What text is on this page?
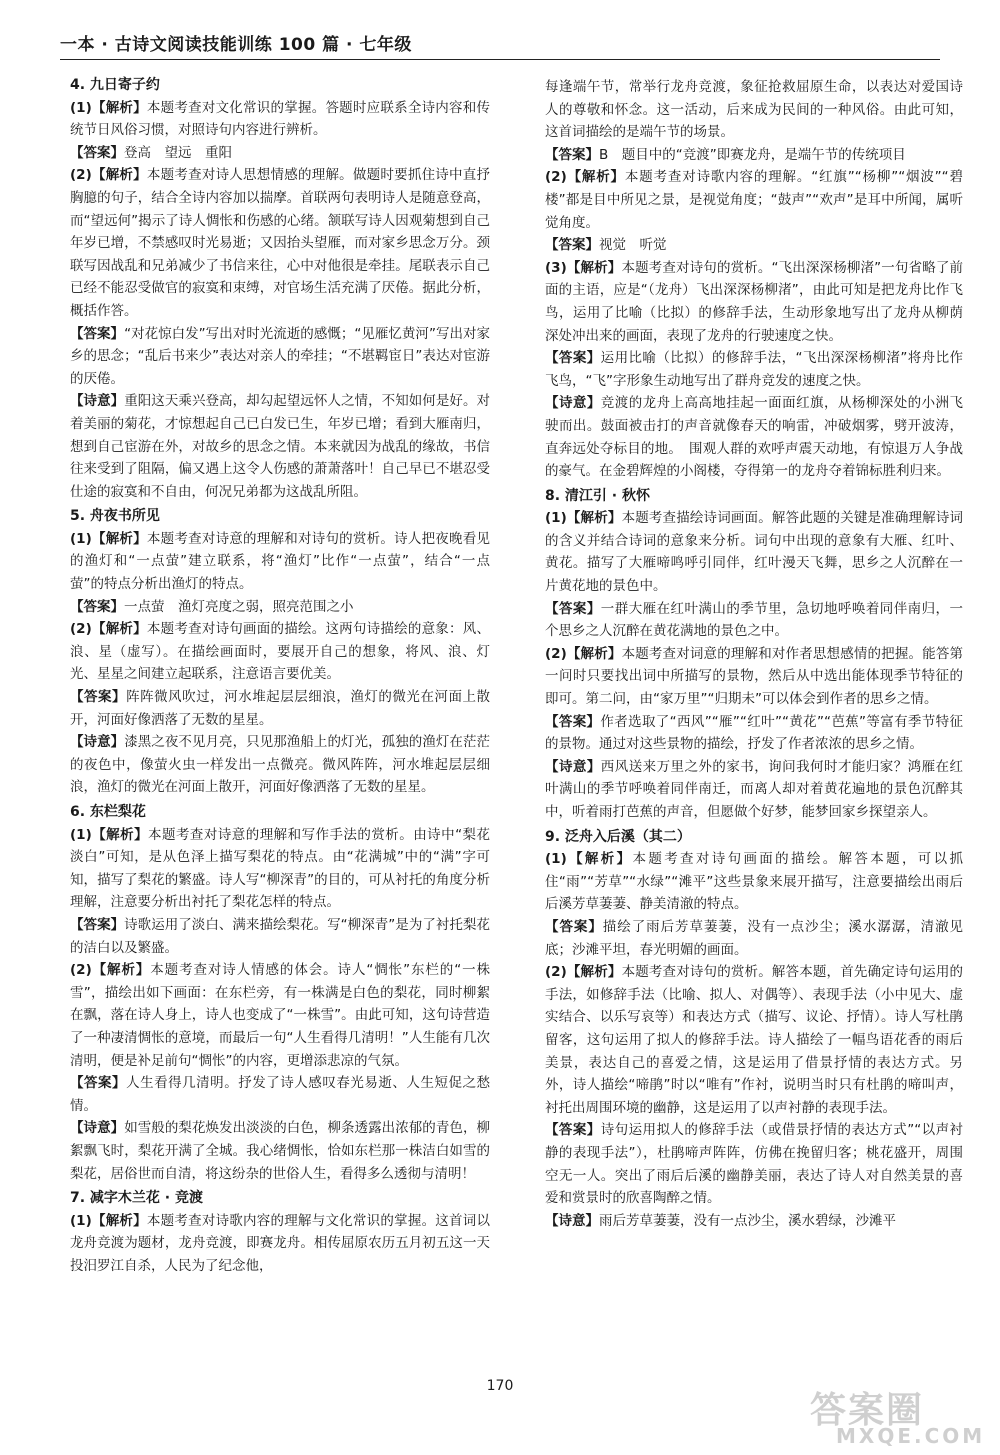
一本 · 古诗文阅读技能训练 100 篇 · 七年级
4. 九日寄子约

(1)【解析】本题考查对文化常识的掌握。答题时应联系全诗内容和传统节日风俗习惯，对照诗句内容进行辨析。

【答案】登高　望远　重阳

(2)【解析】本题考查对诗人思想情感的理解。做题时要抓住诗中直抒胸臆的句子，结合全诗内容加以揣摩。首联两句表明诗人是随意登高，而“望远何”揭示了诗人惆怅和伤感的心绪。颔联写诗人因观菊想到自己年岁已增，不禁感叹时光易逝；又因抬头望雁，而对家乡思念万分。颈联写因战乱和兄弟减少了书信来往，心中对他很是牵挂。尾联表示自己已经不能忍受做官的寂寞和束缚，对官场生活充满了厌倦。据此分析，概括作答。

【答案】“对花惊白发”写出对时光流逝的感慨；“见雁忆黄河”写出对家乡的思念；“乱后书来少”表达对亲人的牵挂；“不堪羁宦日”表达对宦游的厌倦。

【诗意】重阳这天乘兴登高，却勾起望远怀人之情，不知如何是好。对着美丽的菊花，才惊想起自己已白发已生，年岁已增；看到大雁南归，想到自己宦游在外，对故乡的思念之情。本来就因为战乱的缘故，书信往来受到了阻隔，偏又遇上这令人伤感的萧萧落叶！自己早已不堪忍受仕途的寂寞和不自由，何况兄弟都为这战乱所阻。

5. 舟夜书所见

(1)【解析】本题考查对诗意的理解和对诗句的赏析。诗人把夜晚看见的渔灯和“一点萤”建立联系，将“渔灯”比作“一点萤”，结合“一点萤”的特点分析出渔灯的特点。

【答案】一点萤　渔灯亮度之弱，照亮范围之小

(2)【解析】本题考查对诗句画面的描绘。这两句诗描绘的意象：风、浪、星（虚写）。在描绘画面时，要展开自己的想象，将风、浪、灯光、星星之间建立起联系，注意语言要优美。

【答案】阵阵微风吹过，河水堆起层层细浪，渔灯的微光在河面上散开，河面好像洒落了无数的星星。

【诗意】漆黑之夜不见月亮，只见那渔船上的灯光，孤独的渔灯在茫茫的夜色中，像萤火虫一样发出一点微亮。微风阵阵，河水堆起层层细浪，渔灯的微光在河面上散开，河面好像洒落了无数的星星。

6. 东栏梨花

(1)【解析】本题考查对诗意的理解和写作手法的赏析。由诗中“梨花淡白”可知，是从色泽上描写梨花的特点。由“花满城”中的“满”字可知，描写了梨花的繁盛。诗人写“柳深青”的目的，可从衬托的角度分析理解，注意要分析出衬托了梨花怎样的特点。

【答案】诗歌运用了淡白、满来描绘梨花。写“柳深青”是为了衬托梨花的洁白以及繁盛。

(2)【解析】本题考查对诗人情感的体会。诗人“惆怅”东栏的“一株雪”，描绘出如下画面：在东栏旁，有一株满是白色的梨花，同时柳絮在飘，落在诗人身上，诗人也变成了“一株雪”。由此可知，这句诗营造了一种凄清惆怅的意境，而最后一句“人生看得几清明！”人生能有几次清明，便是补足前句“惆怅”的内容，更增添悲凉的气氛。

【答案】人生看得几清明。抒发了诗人感叹春光易逝、人生短促之愁情。

【诗意】如雪般的梨花焕发出淡淡的白色，柳条透露出浓郁的青色，柳絮飘飞时，梨花开满了全城。我心绪惆怅，恰如东栏那一株洁白如雪的梨花，居俗世而自清，将这纷杂的世俗人生，看得多么透彻与清明！

7. 减字木兰花 · 竞渡

(1)【解析】本题考查对诗歌内容的理解与文化常识的掌握。这首词以龙舟竞渡为题材，龙舟竞渡，即赛龙舟。相传屈原农历五月初五这一天投汨罗江自杀，人民为了纪念他，

每逢端午节，常举行龙舟竞渡，象征抢救屈原生命，以表达对爱国诗人的尊敬和怀念。这一活动，后来成为民间的一种风俗。由此可知，这首词描绘的是端午节的场景。

【答案】B　题目中的“竞渡”即赛龙舟，是端午节的传统项目

(2)【解析】本题考查对诗歌内容的理解。“红旗”“杨柳”“烟波”“碧楼”都是目中所见之景，是视觉角度；“鼓声”“欢声”是耳中所闻，属听觉角度。

【答案】视觉　听觉

(3)【解析】本题考查对诗句的赏析。“飞出深深杨柳渚”一句省略了前面的主语，应是“（龙舟）飞出深深杨柳渚”，由此可知是把龙舟比作飞鸟，运用了比喻（比拟）的修辞手法，生动形象地写出了龙舟从柳荫深处冲出来的画面，表现了龙舟的行驶速度之快。

【答案】运用比喻（比拟）的修辞手法，“飞出深深杨柳渚”将舟比作飞鸟，“飞”字形象生动地写出了群舟竞发的速度之快。

【诗意】竞渡的龙舟上高高地挂起一面面红旗，从杨柳深处的小洲飞驶而出。鼓面被击打的声音就像春天的响雷，冲破烟雾，劈开波涛，直奔远处夺标目的地。　围观人群的欢呼声震天动地，有惊退万人争战的豪气。在金碧辉煌的小阁楼，夺得第一的龙舟夺着锦标胜利归来。

8. 清江引 · 秋怀

(1)【解析】本题考查描绘诗词画面。解答此题的关键是准确理解诗词的含义并结合诗词的意象来分析。词句中出现的意象有大雁、红叶、黄花。描写了大雁啼鸣呼引同伴，红叶漫天飞舞，思乡之人沉醉在一片黄花地的景色中。

【答案】一群大雁在红叶满山的季节里，急切地呼唤着同伴南归，一个思乡之人沉醉在黄花满地的景色之中。

(2)【解析】本题考查对词意的理解和对作者思想感情的把握。能答第一问时只要找出词中所描写的景物，然后从中选出能体现季节特征的即可。第二问，由“家万里”“归期未”可以体会到作者的思乡之情。

【答案】作者选取了“西风”“雁”“红叶”“黄花”“芭蕉”等富有季节特征的景物。通过对这些景物的描绘，抒发了作者浓浓的思乡之情。

【诗意】西风送来万里之外的家书，询问我何时才能归家？鸿雁在红叶满山的季节呼唤着同伴南迁，而离人却对着黄花遍地的景色沉醉其中，听着雨打芭蕉的声音，但愿做个好梦，能梦回家乡探望亲人。

9. 泛舟入后溪（其二）

(1)【解析】本题考查对诗句画面的描绘。解答本题，可以抓住“雨”“芳草”“水绿”“滩平”这些景象来展开描写，注意要描绘出雨后后溪芳草萋萋、静美清澈的特点。

【答案】描绘了雨后芳草萋萋，没有一点沙尘；溪水潺潺，清澈见底；沙滩平坦，春光明媚的画面。

(2)【解析】本题考查对诗句的赏析。解答本题，首先确定诗句运用的手法，如修辞手法（比喻、拟人、对偶等）、表现手法（小中见大、虚实结合、以乐写哀等）和表达方式（描写、议论、抒情）。诗人写杜鹃留客，这句运用了拟人的修辞手法。诗人描绘了一幅鸟语花香的雨后美景，表达自己的喜爱之情，这是运用了借景抒情的表达方式。另外，诗人描绘“啼鹃”时以“唯有”作衬，说明当时只有杜鹃的啼叫声，衬托出周围环境的幽静，这是运用了以声衬静的表现手法。

【答案】诗句运用拟人的修辞手法（或借景抒情的表达方式”“以声衬静的表现手法”），杜鹃啼声阵阵，仿佛在挽留归客；桃花盛开，周围空无一人。突出了雨后后溪的幽静美丽，表达了诗人对自然美景的喜爱和赏景时的欣喜陶醉之情。

【诗意】雨后芳草萋萋，没有一点沙尘，溪水碧绿，沙滩平

170
答案圈
MXQE.COM
